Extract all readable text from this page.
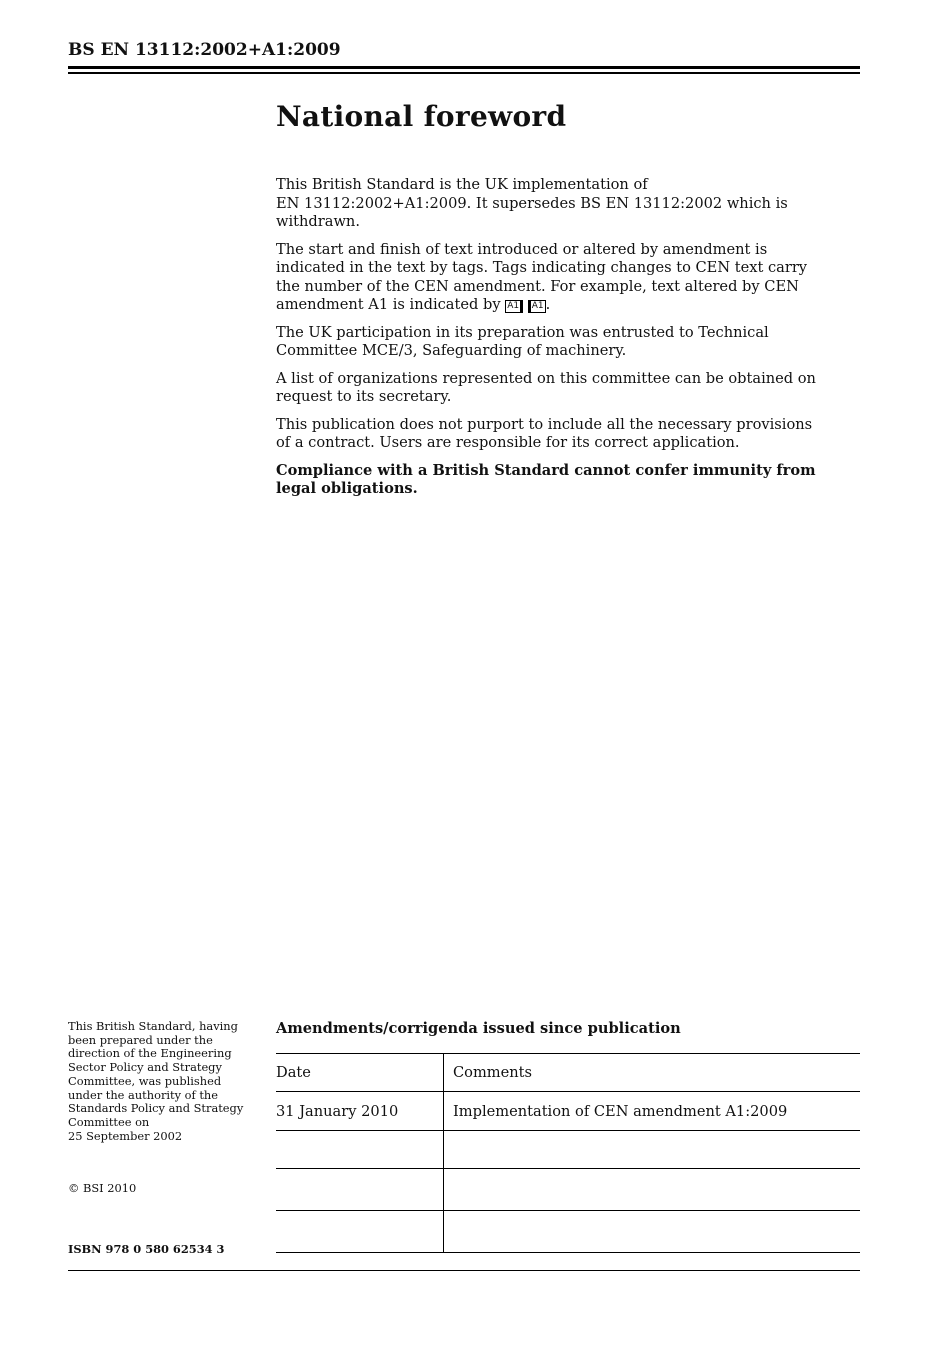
BS EN 13112:2002+A1:2009
National foreword

This British Standard is the UK implementation of
EN 13112:2002+A1:2009. It supersedes BS EN 13112:2002 which is withdrawn.

The start and finish of text introduced or altered by amendment is indicated in the text by tags. Tags indicating changes to CEN text carry the number of the CEN amendment. For example, text altered by CEN amendment A1 is indicated by A1 A1 .

The UK participation in its preparation was entrusted to Technical Committee MCE/3, Safeguarding of machinery.

A list of organizations represented on this committee can be obtained on request to its secretary.

This publication does not purport to include all the necessary provisions of a contract. Users are responsible for its correct application.

Compliance with a British Standard cannot confer immunity from legal obligations.

This British Standard, having been prepared under the direction of the Engineering Sector Policy and Strategy Committee, was published under the authority of the Standards Policy and Strategy Committee on
25 September 2002

© BSI 2010

ISBN 978 0 580 62534 3

Amendments/corrigenda issued since publication
Date	Comments
31 January 2010	Implementation of CEN amendment A1:2009
